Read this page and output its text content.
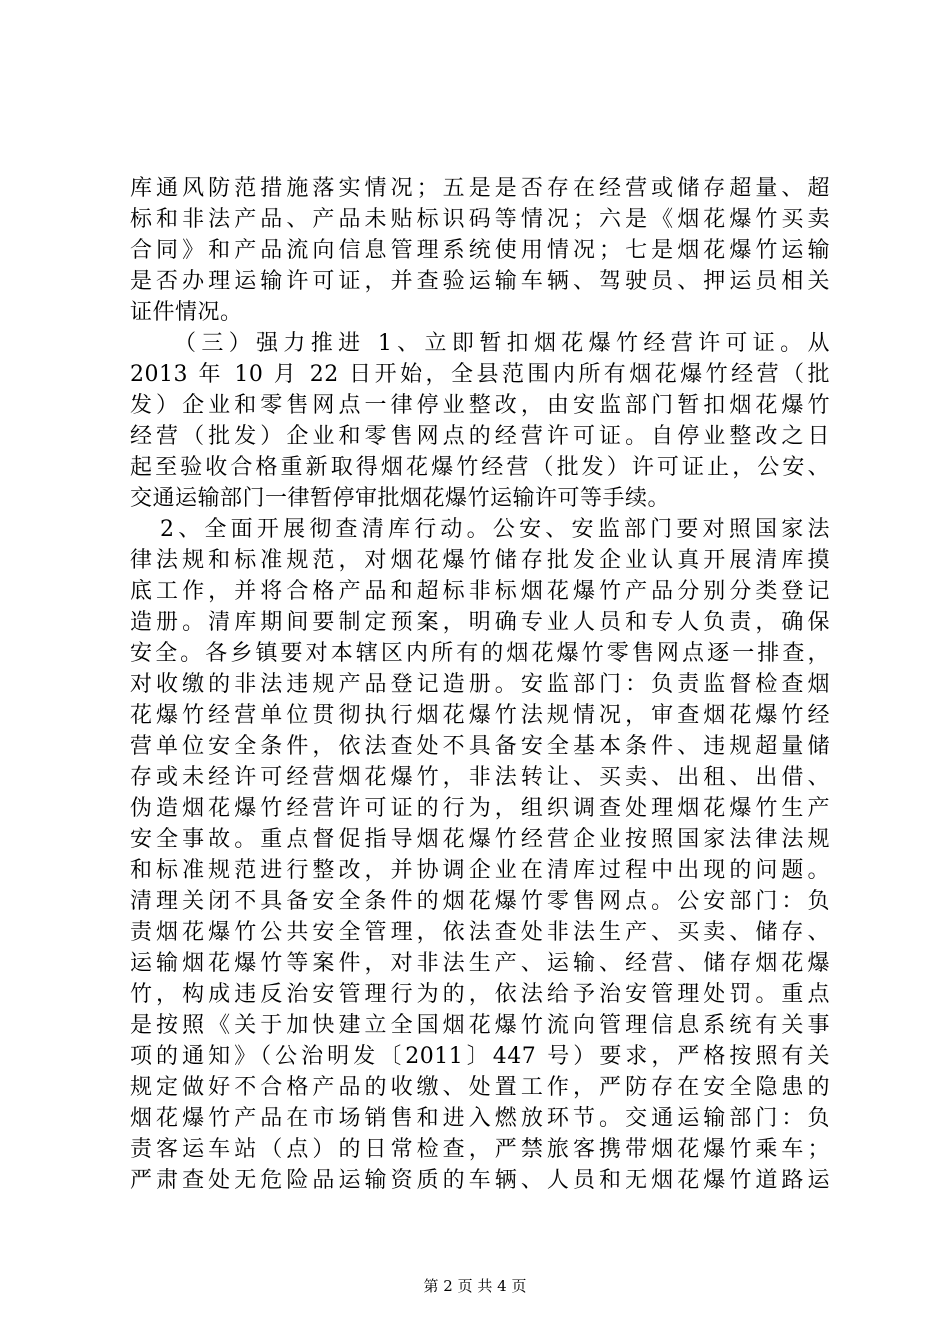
库通风防范措施落实情况；五是是否存在经营或储存超量、超
标和非法产品、产品未贴标识码等情况；六是《烟花爆竹买卖
合同》和产品流向信息管理系统使用情况；七是烟花爆竹运输
是否办理运输许可证，并查验运输车辆、驾驶员、押运员相关
证件情况。
（三）强力推进 1、立即暂扣烟花爆竹经营许可证。从
2013 年 10 月 22 日开始，全县范围内所有烟花爆竹经营（批
发）企业和零售网点一律停业整改，由安监部门暂扣烟花爆竹
经营（批发）企业和零售网点的经营许可证。自停业整改之日
起至验收合格重新取得烟花爆竹经营（批发）许可证止，公安、
交通运输部门一律暂停审批烟花爆竹运输许可等手续。
2、全面开展彻查清库行动。公安、安监部门要对照国家法
律法规和标准规范，对烟花爆竹储存批发企业认真开展清库摸
底工作，并将合格产品和超标非标烟花爆竹产品分别分类登记
造册。清库期间要制定预案，明确专业人员和专人负责，确保
安全。各乡镇要对本辖区内所有的烟花爆竹零售网点逐一排查，
对收缴的非法违规产品登记造册。安监部门：负责监督检查烟
花爆竹经营单位贯彻执行烟花爆竹法规情况，审查烟花爆竹经
营单位安全条件，依法查处不具备安全基本条件、违规超量储
存或未经许可经营烟花爆竹，非法转让、买卖、出租、出借、
伪造烟花爆竹经营许可证的行为，组织调查处理烟花爆竹生产
安全事故。重点督促指导烟花爆竹经营企业按照国家法律法规
和标准规范进行整改，并协调企业在清库过程中出现的问题。
清理关闭不具备安全条件的烟花爆竹零售网点。公安部门：负
责烟花爆竹公共安全管理，依法查处非法生产、买卖、储存、
运输烟花爆竹等案件，对非法生产、运输、经营、储存烟花爆
竹，构成违反治安管理行为的，依法给予治安管理处罚。重点
是按照《关于加快建立全国烟花爆竹流向管理信息系统有关事
项的通知》（公治明发〔2011〕447 号）要求，严格按照有关
规定做好不合格产品的收缴、处置工作，严防存在安全隐患的
烟花爆竹产品在市场销售和进入燃放环节。交通运输部门：负
责客运车站（点）的日常检查，严禁旅客携带烟花爆竹乘车；
严肃查处无危险品运输资质的车辆、人员和无烟花爆竹道路运
第 2 页 共 4 页
